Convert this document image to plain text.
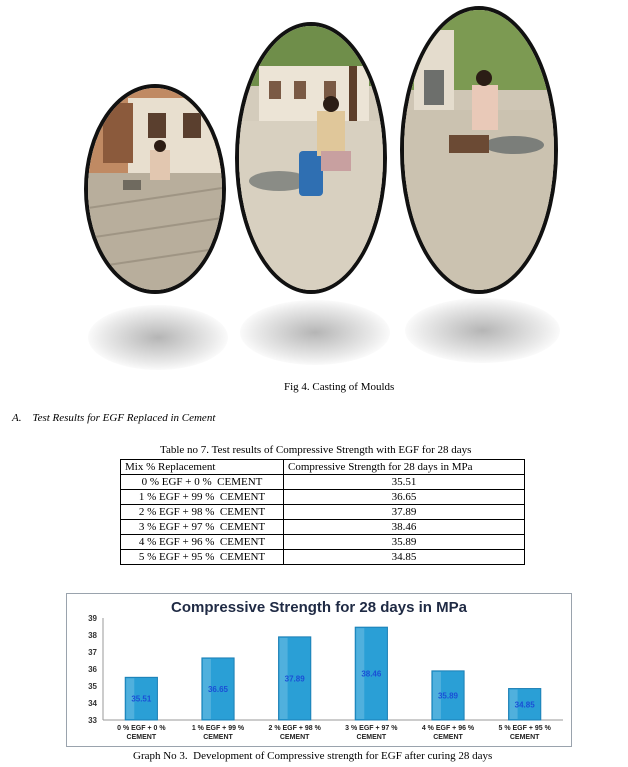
Fig 4. Casting of Moulds
A.    Test Results for EGF Replaced in Cement
Table no 7. Test results of Compressive Strength with EGF for 28 days
Mix % Replacement	Compressive Strength for 28 days in MPa
0 % EGF + 0 %  CEMENT	35.51
1 % EGF + 99 %  CEMENT	36.65
2 % EGF + 98 %  CEMENT	37.89
3 % EGF + 97 %  CEMENT	38.46
4 % EGF + 96 %  CEMENT	35.89
5 % EGF + 95 %  CEMENT	34.85
Compressive Strength for 28 days in MPa
35.51
36.65
37.89
38.46
35.89
34.85
33
34
35
36
37
38
39
0 % EGF + 0 %
CEMENT
1 % EGF + 99 %
CEMENT
2 % EGF + 98 %
CEMENT
3 % EGF + 97 %
CEMENT
4 % EGF + 96 %
CEMENT
5 % EGF + 95 %
CEMENT
Graph No 3.  Development of Compressive strength for EGF after curing 28 days
